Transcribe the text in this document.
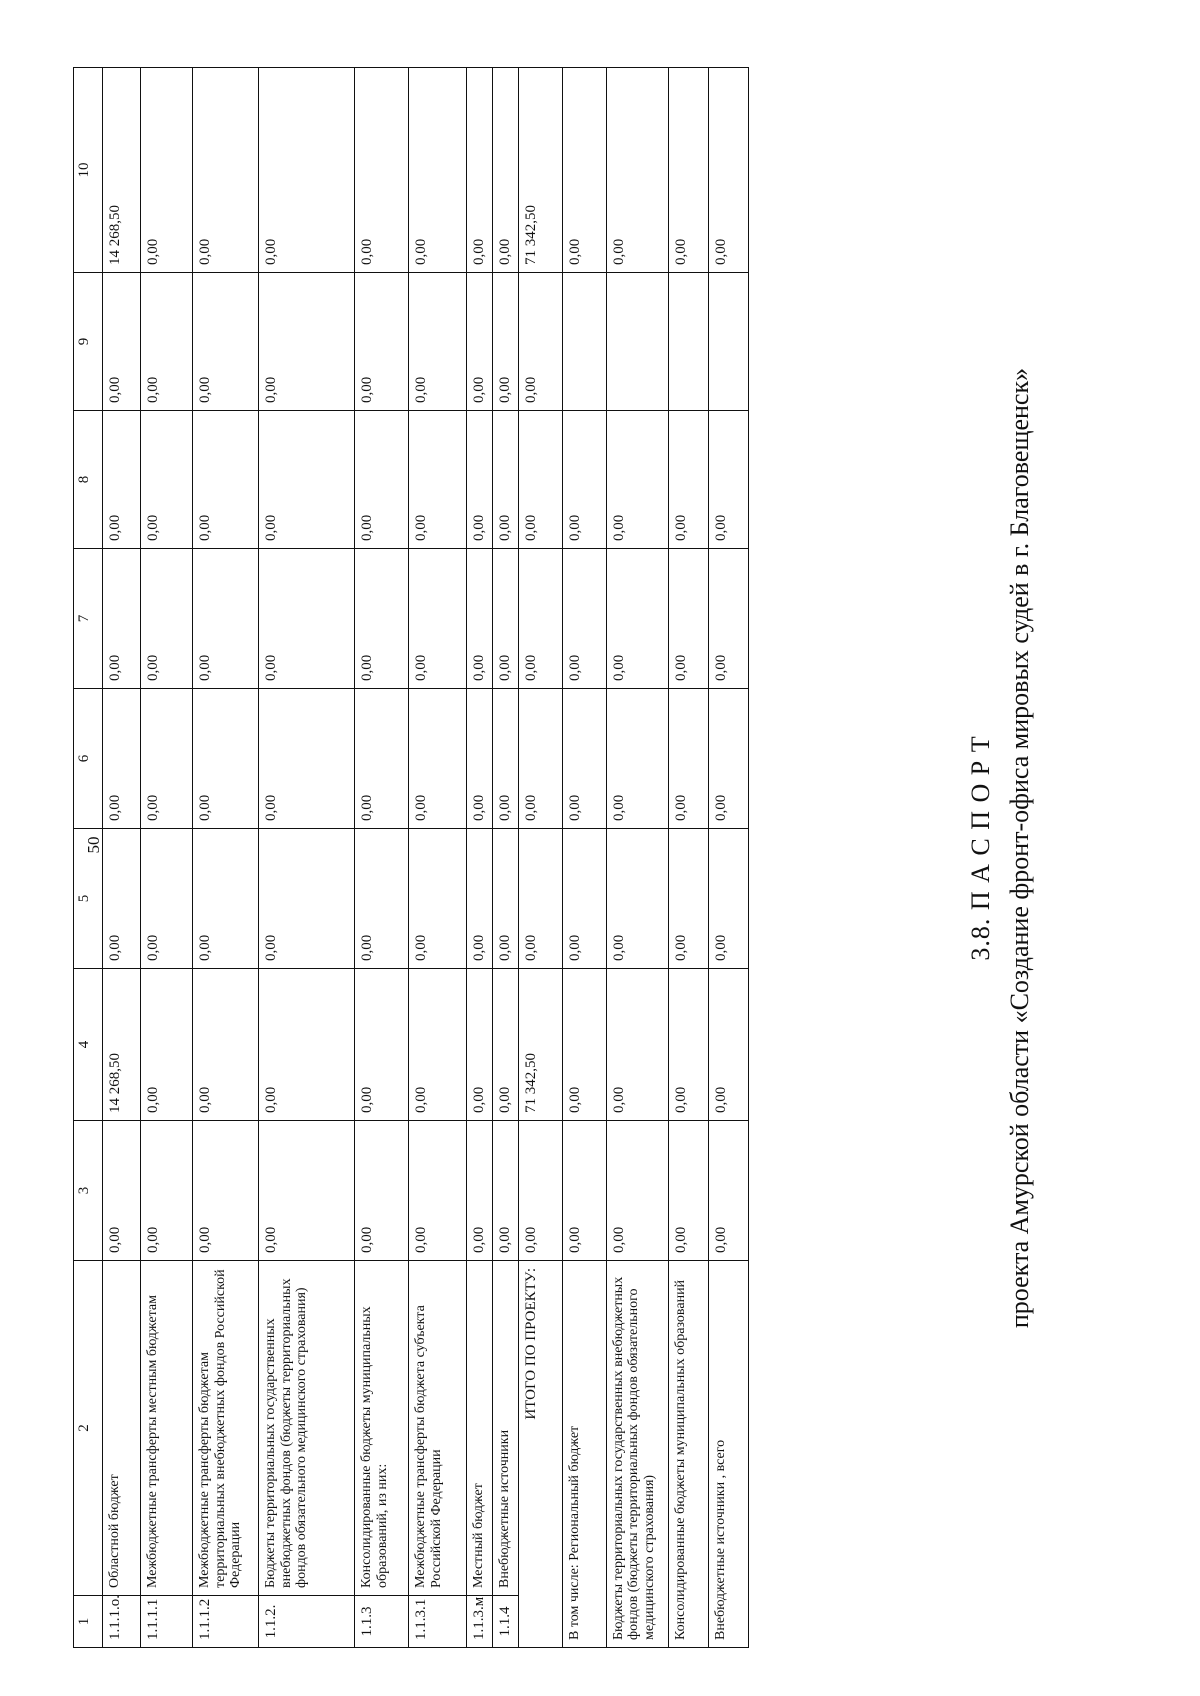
50
1	2	3	4	5	6	7	8	9	10
1.1.1.о.	Областной бюджет	0,00	14 268,50	0,00	0,00	0,00	0,00	0,00	14 268,50
1.1.1.1	Межбюджетные трансферты местным бюджетам	0,00	0,00	0,00	0,00	0,00	0,00	0,00	0,00
1.1.1.2	Межбюджетные трансферты бюджетам территориальных внебюджетных фондов Российской Федерации	0,00	0,00	0,00	0,00	0,00	0,00	0,00	0,00
1.1.2.	Бюджеты территориальных государственных внебюджетных фондов (бюджеты территориальных фондов обязательного медицинского страхования)	0,00	0,00	0,00	0,00	0,00	0,00	0,00	0,00
1.1.3	Консолидированные бюджеты муниципальных образований, из них:	0,00	0,00	0,00	0,00	0,00	0,00	0,00	0,00
1.1.3.1	Межбюджетные трансферты бюджета субъекта Российской Федерации	0,00	0,00	0,00	0,00	0,00	0,00	0,00	0,00
1.1.3.м	Местный бюджет	0,00	0,00	0,00	0,00	0,00	0,00	0,00	0,00
1.1.4	Внебюджетные источники	0,00	0,00	0,00	0,00	0,00	0,00	0,00	0,00
ИТОГО ПО ПРОЕКТУ:		0,00	71 342,50	0,00	0,00	0,00	0,00	0,00	71 342,50
В том числе: Региональный бюджет		0,00	0,00	0,00	0,00	0,00	0,00		0,00
Бюджеты территориальных государственных внебюджетных фондов (бюджеты территориальных фондов обязательного медицинского страхования)		0,00	0,00	0,00	0,00	0,00	0,00		0,00
Консолидированные бюджеты муниципальных образований		0,00	0,00	0,00	0,00	0,00	0,00		0,00
Внебюджетные источники , всего		0,00	0,00	0,00	0,00	0,00	0,00		0,00
3.8. П А С П О Р Т проекта Амурской области «Создание фронт-офиса мировых судей в г. Благовещенск»
